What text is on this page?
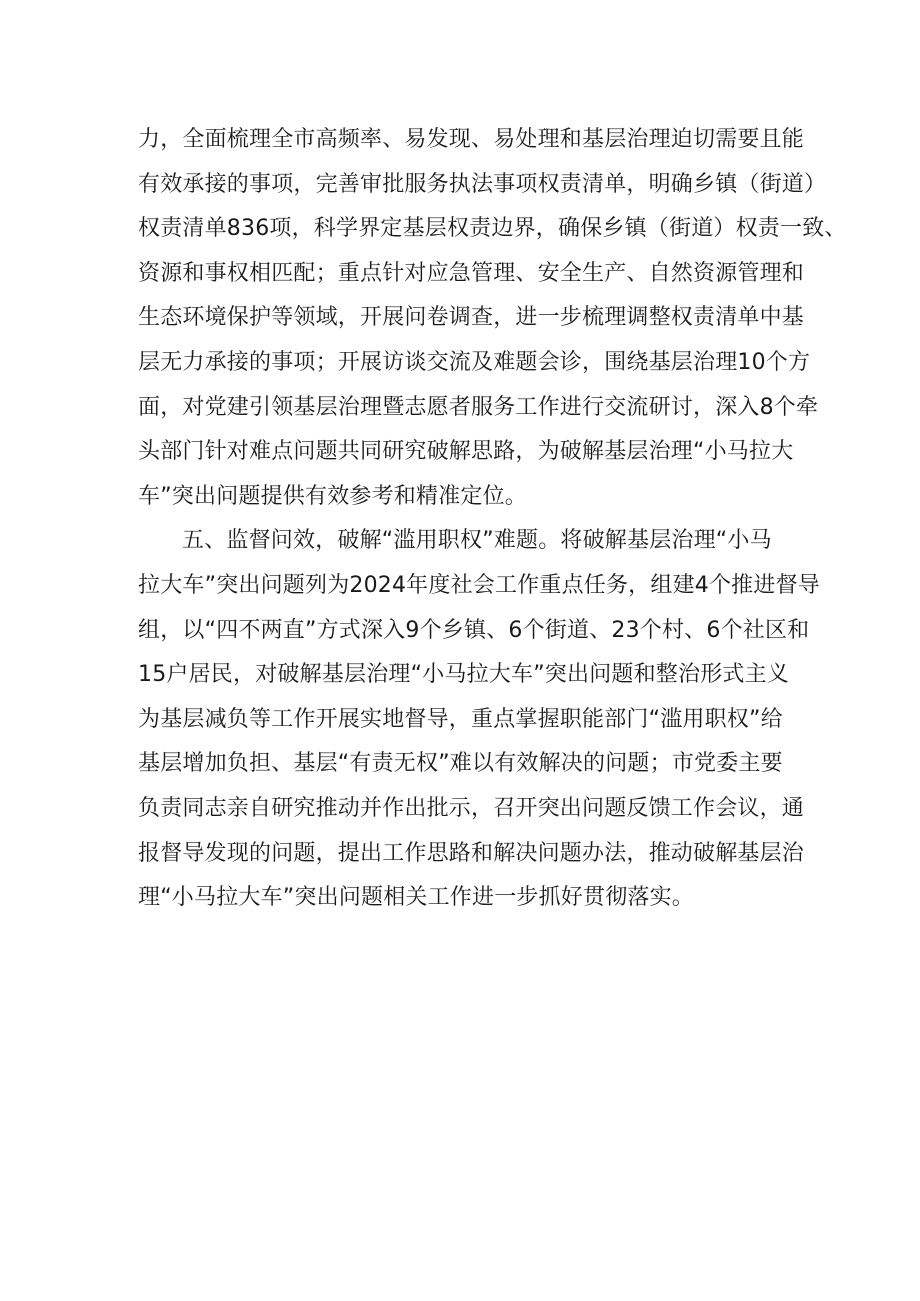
力，全面梳理全市高频率、易发现、易处理和基层治理迫切需要且能
有效承接的事项，完善审批服务执法事项权责清单，明确乡镇（街道）
权责清单836项，科学界定基层权责边界，确保乡镇（街道）权责一致、
资源和事权相匹配；重点针对应急管理、安全生产、自然资源管理和
生态环境保护等领域，开展问卷调查，进一步梳理调整权责清单中基
层无力承接的事项；开展访谈交流及难题会诊，围绕基层治理10个方
面，对党建引领基层治理暨志愿者服务工作进行交流研讨，深入8个牵
头部门针对难点问题共同研究破解思路，为破解基层治理“小马拉大
车”突出问题提供有效参考和精准定位。
五、监督问效，破解“滥用职权”难题。将破解基层治理“小马
拉大车”突出问题列为2024年度社会工作重点任务，组建4个推进督导
组，以“四不两直”方式深入9个乡镇、6个街道、23个村、6个社区和
15户居民，对破解基层治理“小马拉大车”突出问题和整治形式主义
为基层减负等工作开展实地督导，重点掌握职能部门“滥用职权”给
基层增加负担、基层“有责无权”难以有效解决的问题；市党委主要
负责同志亲自研究推动并作出批示，召开突出问题反馈工作会议，通
报督导发现的问题，提出工作思路和解决问题办法，推动破解基层治
理“小马拉大车”突出问题相关工作进一步抓好贯彻落实。
